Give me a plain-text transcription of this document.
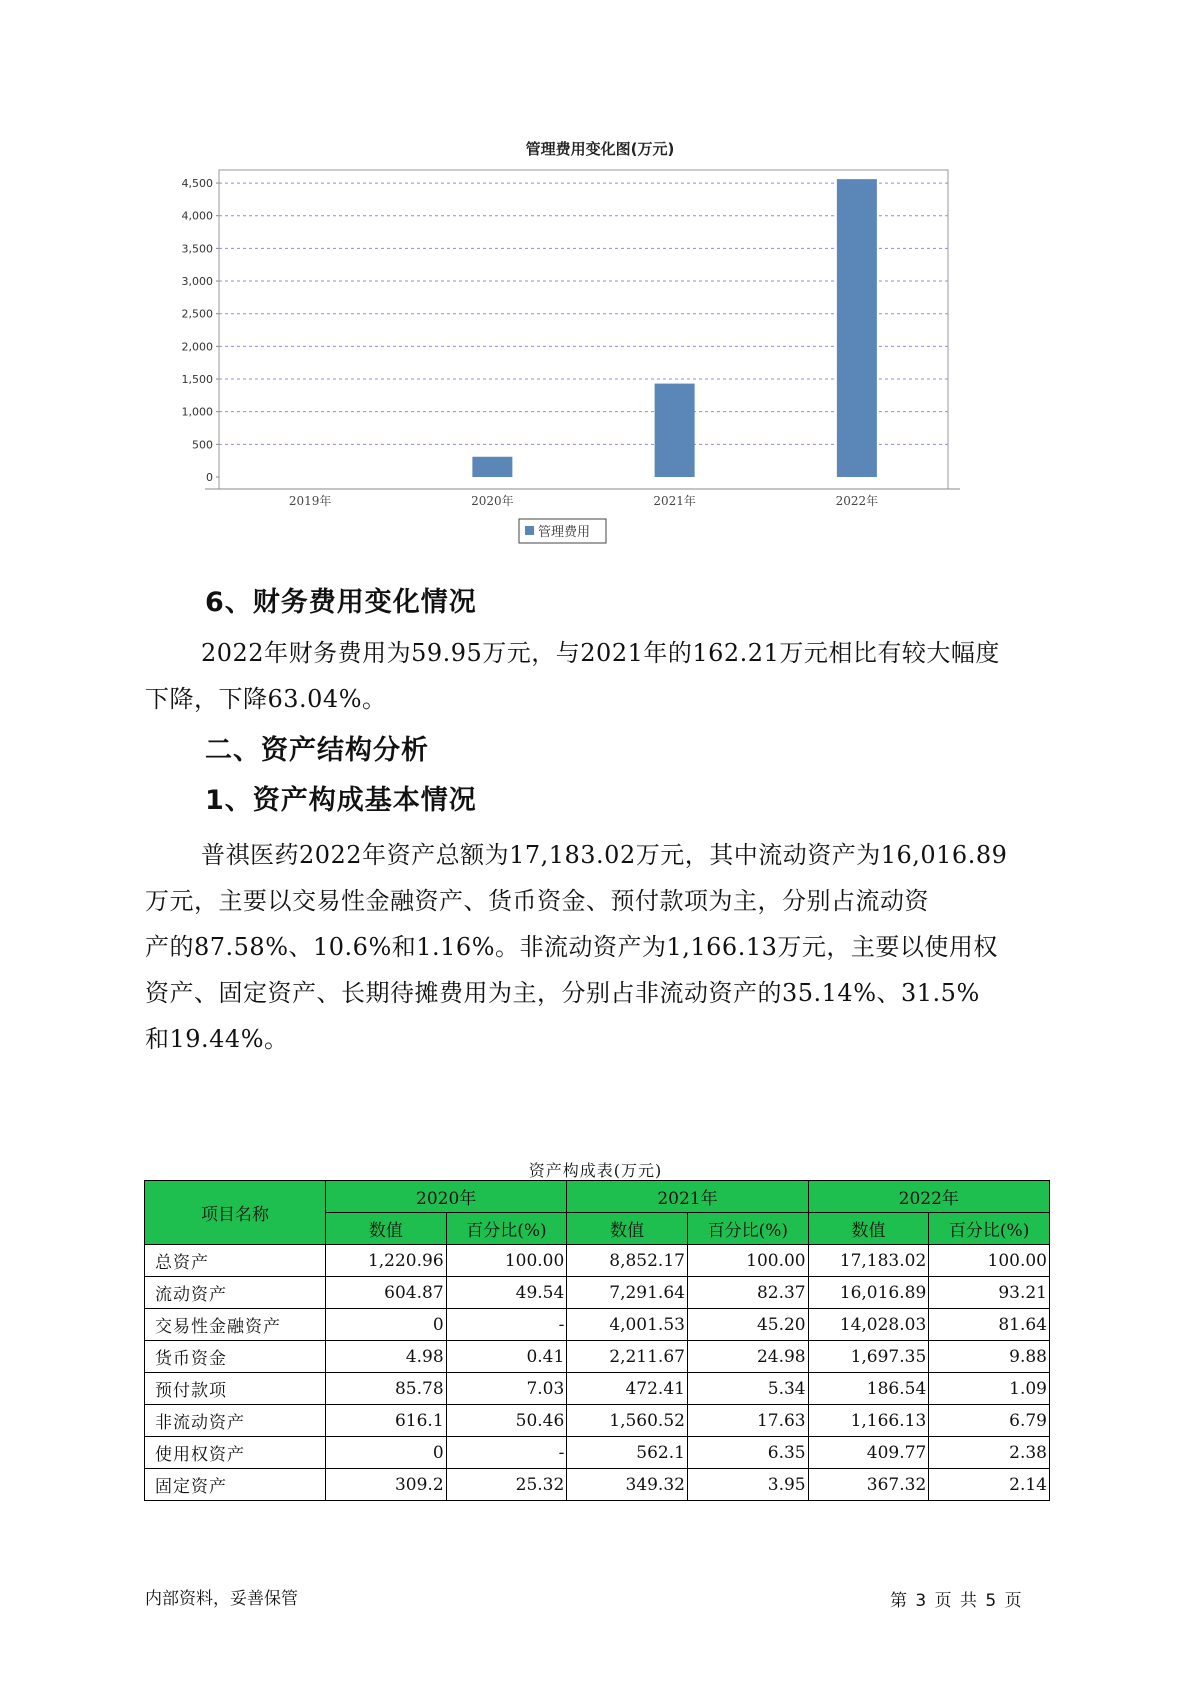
管理费用变化图(万元)
0
500
1,000
1,500
2,000
2,500
3,000
3,500
4,000
4,500
2019年	2020年	2021年	2022年
管理费用
6、财务费用变化情况
2022年财务费用为59.95万元，与2021年的162.21万元相比有较大幅度
下降，下降63.04%。
二、资产结构分析
1、资产构成基本情况
普祺医药2022年资产总额为17,183.02万元，其中流动资产为16,016.89
万元，主要以交易性金融资产、货币资金、预付款项为主，分别占流动资
产的87.58%、10.6%和1.16%。非流动资产为1,166.13万元，主要以使用权
资产、固定资产、长期待摊费用为主，分别占非流动资产的35.14%、31.5%
和19.44%。
资产构成表(万元)
项目名称	2020年		2021年		2022年	
	数值	百分比(%)	数值	百分比(%)	数值	百分比(%)
总资产	1,220.96	100.00	8,852.17	100.00	17,183.02	100.00
流动资产	604.87	49.54	7,291.64	82.37	16,016.89	93.21
交易性金融资产	0	-	4,001.53	45.20	14,028.03	81.64
货币资金	4.98	0.41	2,211.67	24.98	1,697.35	9.88
预付款项	85.78	7.03	472.41	5.34	186.54	1.09
非流动资产	616.1	50.46	1,560.52	17.63	1,166.13	6.79
使用权资产	0	-	562.1	6.35	409.77	2.38
固定资产	309.2	25.32	349.32	3.95	367.32	2.14
内部资料，妥善保管	第 3 页 共 5 页
